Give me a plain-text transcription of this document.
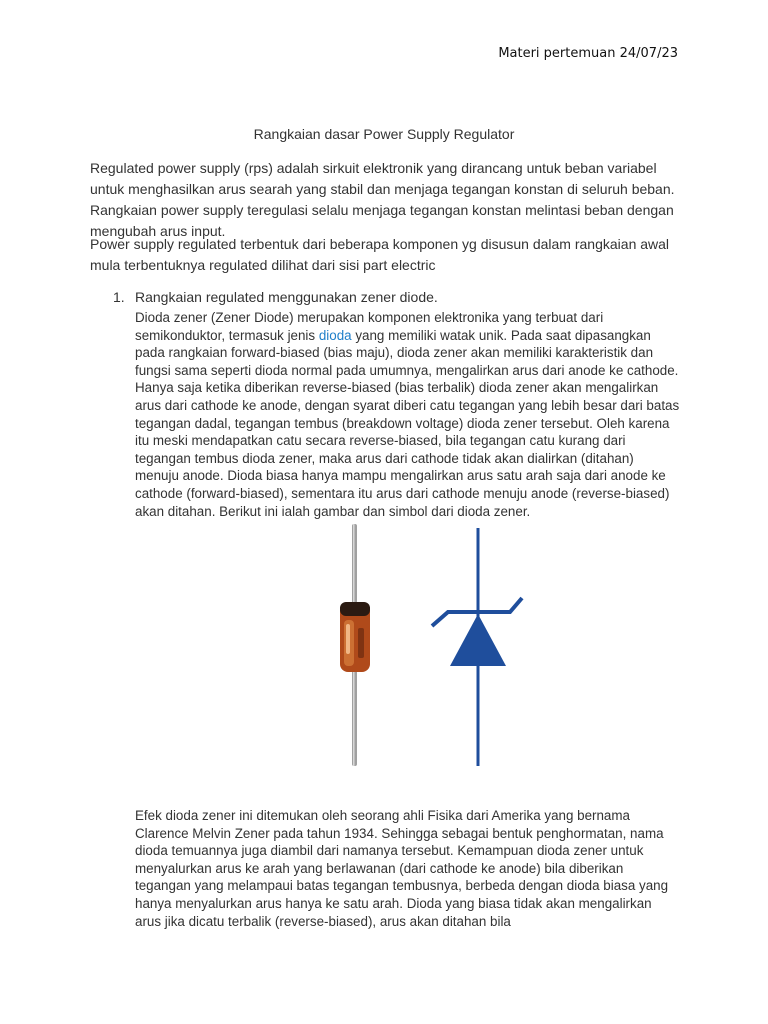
Materi pertemuan 24/07/23
Rangkaian dasar Power Supply Regulator
Regulated power supply (rps) adalah sirkuit elektronik yang dirancang untuk beban variabel untuk menghasilkan arus searah yang stabil dan menjaga tegangan konstan di seluruh beban. Rangkaian power supply teregulasi selalu menjaga tegangan konstan melintasi beban dengan mengubah arus input.
Power supply regulated terbentuk dari beberapa komponen yg disusun dalam rangkaian awal mula terbentuknya regulated dilihat dari sisi part electric
1. Rangkaian regulated menggunakan zener diode.
Dioda zener (Zener Diode) merupakan komponen elektronika yang terbuat dari semikonduktor, termasuk jenis dioda yang memiliki watak unik. Pada saat dipasangkan pada rangkaian forward-biased (bias maju), dioda zener akan memiliki karakteristik dan fungsi sama seperti dioda normal pada umumnya, mengalirkan arus dari anode ke cathode. Hanya saja ketika diberikan reverse-biased (bias terbalik) dioda zener akan mengalirkan arus dari cathode ke anode, dengan syarat diberi catu tegangan yang lebih besar dari batas tegangan dadal, tegangan tembus (breakdown voltage) dioda zener tersebut. Oleh karena itu meski mendapatkan catu secara reverse-biased, bila tegangan catu kurang dari tegangan tembus dioda zener, maka arus dari cathode tidak akan dialirkan (ditahan) menuju anode. Dioda biasa hanya mampu mengalirkan arus satu arah saja dari anode ke cathode (forward-biased), sementara itu arus dari cathode menuju anode (reverse-biased) akan ditahan. Berikut ini ialah gambar dan simbol dari dioda zener.
Efek dioda zener ini ditemukan oleh seorang ahli Fisika dari Amerika yang bernama Clarence Melvin Zener pada tahun 1934. Sehingga sebagai bentuk penghormatan, nama dioda temuannya juga diambil dari namanya tersebut. Kemampuan dioda zener untuk menyalurkan arus ke arah yang berlawanan (dari cathode ke anode) bila diberikan tegangan yang melampaui batas tegangan tembusnya, berbeda dengan dioda biasa yang hanya menyalurkan arus hanya ke satu arah. Dioda yang biasa tidak akan mengalirkan arus jika dicatu terbalik (reverse-biased), arus akan ditahan bila
